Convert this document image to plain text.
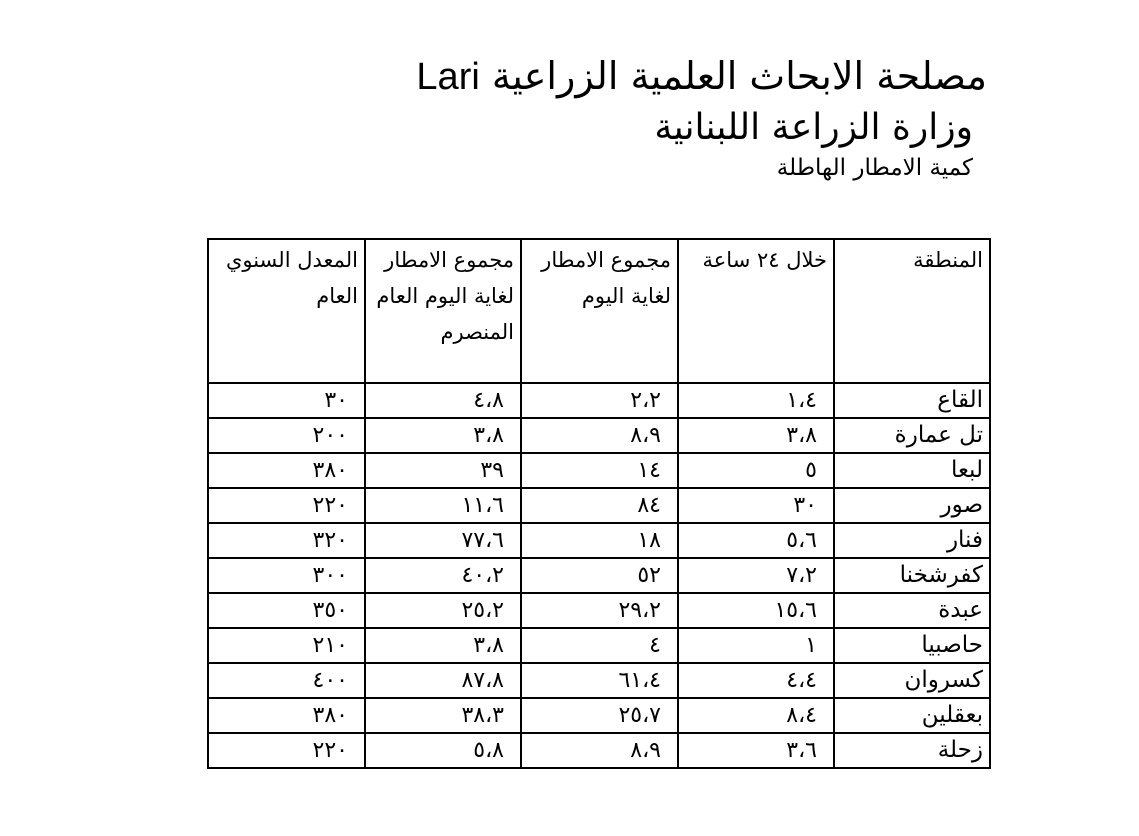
مصلحة الابحاث العلمية الزراعية Lari
وزارة الزراعة اللبنانية
كمية الامطار الهاطلة
المنطقة	خلال ٢٤ ساعة	مجموع الامطار لغاية اليوم	مجموع الامطار لغاية اليوم العام المنصرم	المعدل السنوي العام
القاع	١،٤	٢،٢	٤،٨	٣٠
تل عمارة	٣،٨	٨،٩	٣،٨	٢٠٠
لبعا	٥	١٤	٣٩	٣٨٠
صور	٣٠	٨٤	١١،٦	٢٢٠
فنار	٥،٦	١٨	٧٧،٦	٣٢٠
كفرشخنا	٧،٢	٥٢	٤٠،٢	٣٠٠
عبدة	١٥،٦	٢٩،٢	٢٥،٢	٣٥٠
حاصبيا	١	٤	٣،٨	٢١٠
كسروان	٤،٤	٦١،٤	٨٧،٨	٤٠٠
بعقلين	٨،٤	٢٥،٧	٣٨،٣	٣٨٠
زحلة	٣،٦	٨،٩	٥،٨	٢٢٠
